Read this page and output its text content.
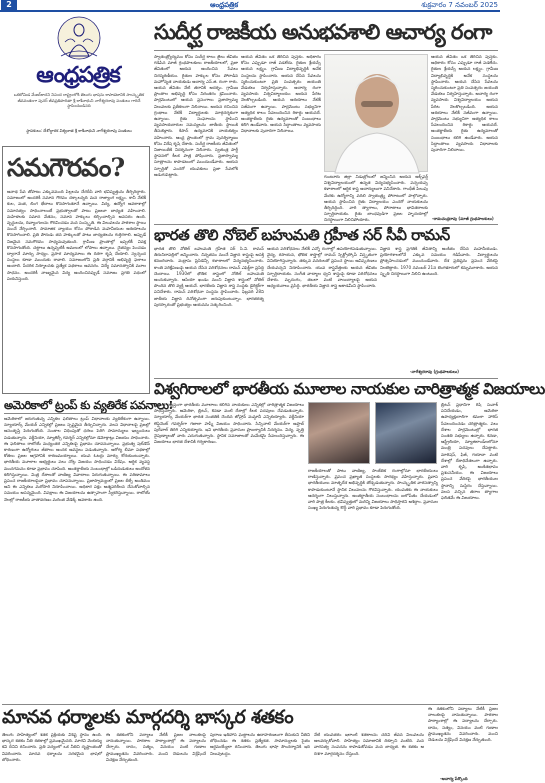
2	ఆంధ్రపత్రిక	శుక్రవారం 7 నవంబర్ 2025
ఆంధ్రపత్రిక
ఒకటోమిడ మేజర్‌కాదని నిపంద రాష్ట్రంలోకి తెలుగు భాషను కాపాడటానికి సాంస్కృతిక జీవవంతంగా పునర్ జీవప్రతిపాదితా శ్రీ కాశీనాథుని నాగేశ్వరరావు పంతులు గారిచే స్థాపించబడినది
స్థాపకులు: దేశోద్ధారక విశ్వదాత శ్రీ కాశీనాథుని నాగేశ్వరరావు పంతులు
సుదీర్ఘ రాజకీయ అనుభవశాలి ఆచార్య రంగా
స్వాతంత్ర్యోద్యమం కోసం సుదీర్ఘ కాలం జైలు జీవితం గడిపిన మాజీ గ్రంథపాలకులు రాజకీయాలలో, ప్రజా జీవితంలో ఆయన అందించిన సేవలు చిరస్మరణీయం. రైతుల హక్కుల కోసం పోరాడిన మహోన్నత నాయకుడు ఆచార్య ఎన్.జి. రంగా గారు. ఆయన జీవితం నేటి తరానికి ఆదర్శం. గ్రామీణ ప్రాంతాల అభివృద్ధి కోసం నిరంతరం శ్రమించారు. పార్లమెంటులో ఆయన ప్రసంగాలు ప్రజాస్వామ్య విలువలకు ప్రతీకలుగా నిలిచాయి. ఆయన రచించిన గ్రంథాలు నేటికీ విద్యార్థులకు మార్గదర్శకంగా ఉన్నాయి. రైతు సంఘాలను స్థాపించి వ్యవసాయదారుల సమస్యలను జాతీయ స్థాయికి తీసుకెళ్లారు. కిసాన్ ఉద్యమానికి నాయకత్వం వహించారు. ఆంధ్ర ప్రాంతంలో గ్రామ పునర్నిర్మాణం కోసం విశేష కృషి చేశారు. సుదీర్ఘ రాజకీయ జీవితంలో నిజాయితీకి నిదర్శనంగా నిలిచారు. స్వతంత్ర పార్టీ స్థాపనలో కీలక పాత్ర పోషించారు. ప్రజాస్వామ్య సూత్రాలను కాపాడటంలో ముందుండేవారు. ఆయన స్ఫూర్తితో ఎందరో యువకులు ప్రజా సేవలోకి అడుగుపెట్టారు.
ఆయన జీవితం ఒక తెరిచిన పుస్తకం. అధికారం కోసం ఎప్పుడూ రాజీ పడలేదు. రైతుల శ్రేయస్సే ఆయన లక్ష్యం. గ్రామీణ విద్యాభివృద్ధికి అనేక సంస్థలను స్థాపించారు. ఆయన చేసిన సేవలను స్మరించుకుంటూ ప్రతి సంవత్సరం జయంతి వేడుకలు నిర్వహిస్తున్నారు. ఆచార్య రంగా వ్యవసాయ విశ్వవిద్యాలయం ఆయన పేరిట నెలకొల్పబడింది. ఆయన ఆశయాలు నేటికీ సజీవంగా ఉన్నాయి. పార్లమెంటు సభ్యునిగా అత్యధిక కాలం సేవలందించిన రికార్డు ఆయనదే. అంతర్జాతీయ రైతు ఉద్యమాలతో సంబంధాలు కలిగి ఉండేవారు. ఆయన సిద్ధాంతాలు వ్యవసాయ విధానాలకు పునాదిగా నిలిచాయి.
గుంటూరు జిల్లా నిడుబ్రోలులో జన్మించిన ఆయన ఆక్స్‌ఫర్డ్ విశ్వవిద్యాలయంలో ఉన్నత విద్యనభ్యసించారు. పచ్చయప్ప కళాశాలలో ఆర్థిక శాస్త్ర ఆచార్యులుగా పనిచేశారు. గాంధీజీ పిలుపు మేరకు ఉద్యోగాన్ని వదిలి స్వాతంత్ర్య పోరాటంలో పాల్గొన్నారు. ఆయన స్థాపించిన రైతు విద్యాలయం ఎందరో నాయకులను తీర్చిదిద్దింది. వారి త్యాగాలు, పోరాటాలు భావితరాలకు స్ఫూర్తిదాయకం. రైతు బాంధవుడిగా ప్రజల హృదయాల్లో చిరస్థాయిగా నిలిచిపోయారు.
ఆయన జీవితం ఒక తెరిచిన పుస్తకం. అధికారం కోసం ఎప్పుడూ రాజీ పడలేదు. రైతుల శ్రేయస్సే ఆయన లక్ష్యం. గ్రామీణ విద్యాభివృద్ధికి అనేక సంస్థలను స్థాపించారు. ఆయన చేసిన సేవలను స్మరించుకుంటూ ప్రతి సంవత్సరం జయంతి వేడుకలు నిర్వహిస్తున్నారు. ఆచార్య రంగా వ్యవసాయ విశ్వవిద్యాలయం ఆయన పేరిట నెలకొల్పబడింది. ఆయన ఆశయాలు నేటికీ సజీవంగా ఉన్నాయి. పార్లమెంటు సభ్యునిగా అత్యధిక కాలం సేవలందించిన రికార్డు ఆయనదే. అంతర్జాతీయ రైతు ఉద్యమాలతో సంబంధాలు కలిగి ఉండేవారు. ఆయన సిద్ధాంతాలు వ్యవసాయ విధానాలకు పునాదిగా నిలిచాయి.
-రామచంద్రరావు (మాజీ గ్రంథపాలకులు)
సమగౌరవం?
అనాథ సేవ తోపాటు ఎక్కువమంది పిల్లలను చేరదీసి వారి భవిష్యత్తును తీర్చిదిద్దారు. సమాజంలో అందరికీ సమాన గౌరవం దక్కాలన్నది మన రాజ్యాంగ లక్ష్యం. కానీ నేటికీ కుల, మత, లింగ భేదాలు కొనసాగుతూనే ఉన్నాయి. విద్య, ఉద్యోగ అవకాశాల్లో సమానత్వం సాధించాలంటే ప్రభుత్వాలతో పాటు ప్రజలూ బాధ్యత వహించాలి. మహిళలకు సమాన వేతనం, సమాన హక్కులు కల్పించాల్సిన అవసరం ఉంది. వృద్ధులను, దివ్యాంగులను గౌరవించడం మన సంస్కృతి. ఈ విలువలను పాఠశాల స్థాయి నుంచే నేర్పించాలి. సామాజిక న్యాయం కోసం పోరాడిన మహనీయుల ఆశయాలను కొనసాగించాలి. ప్రతి పౌరుడు తన హక్కులతో పాటు బాధ్యతలను గుర్తెరగాలి. అప్పుడే నిజమైన సమగౌరవం సాధ్యమవుతుంది. గ్రామీణ ప్రాంతాల్లో ఇప్పటికీ వివక్ష కొనసాగుతోంది. చట్టాలు ఉన్నప్పటికీ అమలులో లోపాలు ఉన్నాయి. చైతన్యం పెంచడం ద్వారానే మార్పు సాధ్యం. ప్రసార మాధ్యమాలు ఈ దిశగా కృషి చేయాలి. స్వచ్ఛంద సంస్థలు కూడా ముందుకు రావాలి. సమాజంలోని ప్రతి వర్గానికీ అభివృద్ధి ఫలాలు అందాలి. పేదరిక నిర్మూలనకు ప్రత్యేక పథకాలు అవసరం. విద్యే సమానత్వానికి మూల సాధనం. అందరికీ నాణ్యమైన విద్య అందించినప్పుడే సమాజం ప్రగతి పథంలో పయనిస్తుంది.
అమెరికాలో ట్రంప్ కు వ్యతిరేక పవనాలు!
అమెరికాలో జరుగుతున్న ఎన్నికల ఫలితాలు ట్రంప్ విధానాలకు వ్యతిరేకంగా ఉన్నాయి. న్యూయార్క్ మేయర్ ఎన్నికల్లో ప్రజలు స్పష్టమైన తీర్పునిచ్చారు. వలస విధానాలపై ప్రజల్లో అసంతృప్తి పెరుగుతోంది. సుంకాల విధింపుతో ధరలు పెరిగి సామాన్యులు ఇబ్బందులు పడుతున్నారు. వర్జీనియా, న్యూజెర్సీ గవర్నర్ ఎన్నికల్లోనూ డెమోక్రాట్లు విజయం సాధించారు. ఈ ఫలితాలు రాబోయే మధ్యంతర ఎన్నికలపై ప్రభావం చూపనున్నాయి. ప్రభుత్వ షట్‌డౌన్ కారణంగా ఉద్యోగులు జీతాలు అందక అవస్థలు పడుతున్నారు. ఆరోగ్య బీమా పథకాల్లో కోతలు ప్రజల ఆగ్రహానికి కారణమయ్యాయి. యువ ఓటర్లు మార్పు కోరుకుంటున్నారు. భారతీయ మూలాల అభ్యర్థులు పలు చోట్ల విజయం సాధించడం విశేషం. ఆర్థిక వ్యవస్థ మందగమనం కూడా ప్రభావం చూపింది. అంతర్జాతీయ సంబంధాల్లో ఒడిదుడుకులు ఆందోళన కలిగిస్తున్నాయి. మిత్ర దేశాలతో వాణిజ్య వివాదాలు పెరుగుతున్నాయి. ఈ పరిణామాలు ప్రపంచ రాజకీయాలపైనా ప్రభావం చూపనున్నాయి. ప్రజాస్వామ్యంలో ప్రజల తీర్పే అంతిమం అని ఈ ఎన్నికలు మరోసారి నిరూపించాయి. అధికార పక్షం ఆత్మపరిశీలన చేసుకోవాల్సిన సమయం ఆసన్నమైంది. విపక్షాలు ఈ విజయాలను ఉత్సాహంగా స్వీకరిస్తున్నాయి. రాబోయే నెలల్లో రాజకీయ వాతావరణం మరింత వేడెక్కే అవకాశం ఉంది.
భారత తొలి నోబెల్ బహుమతి గ్రహీత సర్ సీవీ రామన్
భారత తొలి నోబెల్ బహుమతి గ్రహీత సర్ సి.వి. రామన్ తిరుచిరాపల్లిలో జన్మించారు. చిన్నతనం నుంచే విజ్ఞాన శాస్త్రంపై ఆసక్తి కనబరిచారు. మద్రాసు ప్రెసిడెన్సీ కళాశాలలో విద్యనభ్యసించారు. కాంతి పరిక్షేపణంపై ఆయన చేసిన పరిశోధనలు రామన్ ఎఫెక్ట్‌గా ప్రసిద్ధి చెందాయి. 1930లో భౌతిక శాస్త్రంలో నోబెల్ బహుమతి అందుకున్నారు. ఆసియా ఖండం నుంచి విజ్ఞాన శాస్త్రంలో నోబెల్ పొందిన తొలి వ్యక్తి ఆయనే. భారతీయ విజ్ఞాన శాస్త్ర సంస్థకు డైరెక్టర్‌గా పనిచేశారు. రామన్ పరిశోధనా సంస్థను స్థాపించారు. ఫిబ్రవరి 28ని జాతీయ విజ్ఞాన దినోత్సవంగా జరుపుకుంటున్నాం. భారతరత్న పురస్కారంతో ప్రభుత్వం ఆయనను సత్కరించింది.
ఆయన పరిశోధనలు నేటికీ ఎన్నో రంగాల్లో ఉపయోగపడుతున్నాయి. వైద్య, రసాయన, భౌతిక శాస్త్రాల్లో రామన్ స్పెక్ట్రోస్కోపీ విస్తృతంగా వినియోగిస్తున్నారు. తక్కువ వనరులతో ప్రపంచ స్థాయి ఆవిష్కరణలు చేయవచ్చని నిరూపించారు. యువ శాస్త్రవేత్తలకు ఆయన జీవితం స్ఫూర్తిదాయకం. సంగీత వాద్యాల ధ్వని శాస్త్రంపై కూడా పరిశోధనలు చేశారు. మృదంగం, తబలా వంటి వాయిద్యాలపై ఆయన అధ్యయనాలు ప్రసిద్ధి. భారతీయ విజ్ఞాన శాస్త్ర అకాడమీని స్థాపించారు.
విజ్ఞాన శాస్త్ర ప్రగతికి జీవితాన్ని అంకితం చేసిన మహనీయుడు. ప్రయోగశాలలోనే ఎక్కువ సమయం గడిపేవారు. విద్యార్థులను ప్రోత్సహించడంలో ముందుండేవారు. దేశ ప్రతిష్ఠను ప్రపంచ వేదికపై నిలబెట్టారు. 1970 నవంబర్ 21న బెంగళూరులో కన్నుమూశారు. ఆయన స్మృతి చిరస్థాయిగా నిలిచి ఉంటుంది.
-నాగేశ్వరరావు (గ్రంథపాలకులు)
విశ్వగిరాలలో భారతీయ మూలాల నాయకుల చారిత్రాత్మక విజయాలు
ప్రపంచ వ్యాప్తంగా భారతీయ మూలాలు కలిగిన నాయకులు ఎన్నికల్లో చారిత్రాత్మక విజయాలు సాధిస్తున్నారు. అమెరికా, బ్రిటన్, కెనడా వంటి దేశాల్లో కీలక పదవులు చేపడుతున్నారు. న్యూయార్క్ మేయర్‌గా భారత సంతతికి చెందిన జోహ్రాన్ మమ్దానీ ఎన్నికయ్యారు. వర్జీనియా లెఫ్టినెంట్ గవర్నర్‌గా గజాలా హష్మీ విజయం సాధించారు. సిన్సినాటి మేయర్‌గా అఫ్తాబ్ పురేవాల్ తిరిగి ఎన్నికయ్యారు. ఇవి భారతీయ ప్రవాసుల ప్రాబల్యానికి నిదర్శనం. విద్య, వృత్తి నైపుణ్యాలతో వారు ఎదుగుతున్నారు. స్థానిక సమాజాలతో మమేకమై సేవలందిస్తున్నారు. ఈ విజయాలు భారత దేశానికి గర్వకారణం.
రాజకీయాలతో పాటు వాణిజ్య, సాంకేతిక రంగాల్లోనూ భారతీయులు రాణిస్తున్నారు. ప్రపంచ ప్రఖ్యాత సంస్థలకు సారథ్యం వహిస్తున్నారు. ప్రవాస భారతీయులు మాతృదేశ అభివృద్ధికి తోడ్పడుతున్నారు. సాంస్కృతిక వారసత్వాన్ని కాపాడుకుంటూనే స్థానిక విలువలను గౌరవిస్తున్నారు. యువతకు ఈ నాయకులు ఆదర్శంగా నిలుస్తున్నారు. అంతర్జాతీయ సంబంధాలను బలోపేతం చేయడంలో వారి పాత్ర కీలకం. భవిష్యత్తులో మరిన్ని విజయాలు సాధిస్తారని ఆశిద్దాం. ప్రవాసుల సంఖ్య పెరుగుతున్న కొద్దీ వారి ప్రభావం కూడా పెరుగుతోంది.
బ్రిటన్ ప్రధానిగా రిషి సునాక్ పనిచేయడం, అమెరికా ఉపాధ్యక్షురాలిగా కమలా హారిస్ సేవలందించడం చరిత్రాత్మకం. పలు దేశాల పార్లమెంటుల్లో భారత సంతతి సభ్యులు ఉన్నారు. కెనడా, ఆస్ట్రేలియా, న్యూజిలాండ్‌లలోనూ మంత్రి పదవులు చేపట్టారు. మారిషస్, ఫిజీ, గయానా వంటి దేశాల్లో దేశాధినేతలుగా ఉన్నారు. వారి కృషి, అంకితభావం ప్రశంసనీయం. ఈ విజయాలు ప్రపంచ వేదికపై భారతీయుల స్థానాన్ని సుస్థిరం చేస్తున్నాయి. వలస వచ్చిన తరాల త్యాగాల ఫలితమే ఈ విజయాలు.
మానవ ధర్మాలకు మార్గదర్శి భాస్కర శతకం
తెలుగు సాహిత్యంలో శతక ప్రక్రియకు విశిష్ట స్థానం ఉంది. భాస్కర శతకం నీతి శతకాల్లో ప్రముఖమైనది. మారవి వెంకయ్య కవి దీనిని రచించారు. ప్రతి పద్యంలో ఒక నీతిని దృష్టాంతంతో వివరించారు. మానవ ధర్మాలను సరళమైన భాషలో బోధించారు.
ఈ శతకంలోని పద్యాలు నేటికీ ప్రజల నాలుకలపై నానుతున్నాయి. పాఠశాల పాఠ్యాంశాల్లో ఈ పద్యాలను చేర్చారు. దానం, సత్యం, వినయం వంటి గుణాల ప్రాముఖ్యతను వివరించారు. మంచి చెడులను విశ్లేషించే విచక్షణ నేర్పుతుంది.
పురాణ ఇతిహాస ఘట్టాలను ఉదాహరణలుగా తీసుకుని నీతిని బోధించడం ఈ శతకం ప్రత్యేకత. సామాన్యులకు సైతం అర్థమయ్యేలా రచించారు. తెలుగు భాషా సౌందర్యానికి ఇది నిలువుటద్దం.
నేటి యువతరం ఇలాంటి శతకాలను చదివి జీవన విలువలను అలవర్చుకోవాలి. సాహిత్యం సమాజానికి దిక్సూచి వంటిది. మన వారసత్వ సంపదను కాపాడుకోవడం మన బాధ్యత. ఈ శతకం ఆ దిశగా మార్గదర్శనం చేస్తుంది.
ఈ శతకంలోని పద్యాలు నేటికీ ప్రజల నాలుకలపై నానుతున్నాయి. పాఠశాల పాఠ్యాంశాల్లో ఈ పద్యాలను చేర్చారు. దానం, సత్యం, వినయం వంటి గుణాల ప్రాముఖ్యతను వివరించారు. మంచి చెడులను విశ్లేషించే విచక్షణ నేర్పుతుంది.
-ఆచార్య పేర్కొంది
